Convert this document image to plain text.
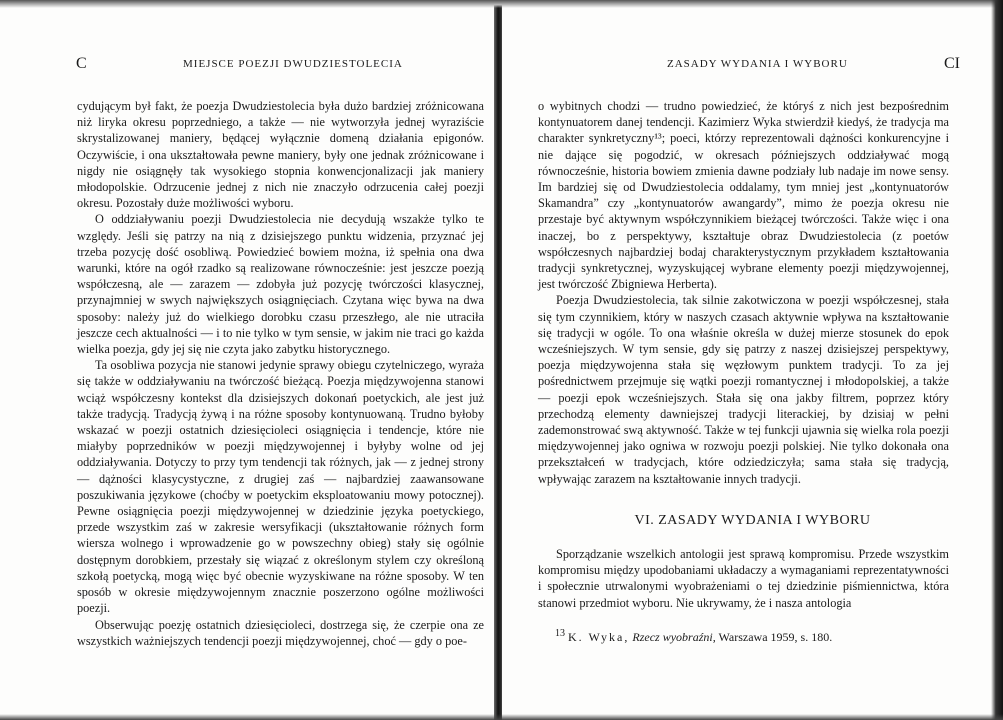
C	MIEJSCE POEZJI DWUDZIESTOLECIA

cydującym był fakt, że poezja Dwudziestolecia była dużo bardziej zróżnicowana niż liryka okresu poprzedniego, a także — nie wytworzyła jednej wyraziście skrystalizowanej maniery, będącej wyłącznie domeną działania epigonów. Oczywiście, i ona ukształtowała pewne maniery, były one jednak zróżnicowane i nigdy nie osiągnęły tak wysokiego stopnia konwencjonalizacji jak maniery młodopolskie. Odrzucenie jednej z nich nie znaczyło odrzucenia całej poezji okresu. Pozostały duże możliwości wyboru.

O oddziaływaniu poezji Dwudziestolecia nie decydują wszakże tylko te względy. Jeśli się patrzy na nią z dzisiejszego punktu widzenia, przyznać jej trzeba pozycję dość osobliwą. Powiedzieć bowiem można, iż spełnia ona dwa warunki, które na ogół rzadko są realizowane równocześnie: jest jeszcze poezją współczesną, ale — zarazem — zdobyła już pozycję twórczości klasycznej, przynajmniej w swych największych osiągnięciach. Czytana więc bywa na dwa sposoby: należy już do wielkiego dorobku czasu przeszłego, ale nie utraciła jeszcze cech aktualności — i to nie tylko w tym sensie, w jakim nie traci go każda wielka poezja, gdy jej się nie czyta jako zabytku historycznego.

Ta osobliwa pozycja nie stanowi jedynie sprawy obiegu czytelniczego, wyraża się także w oddziaływaniu na twórczość bieżącą. Poezja międzywojenna stanowi wciąż współczesny kontekst dla dzisiejszych dokonań poetyckich, ale jest już także tradycją. Tradycją żywą i na różne sposoby kontynuowaną. Trudno byłoby wskazać w poezji ostatnich dziesięcioleci osiągnięcia i tendencje, które nie miałyby poprzedników w poezji międzywojennej i byłyby wolne od jej oddziaływania. Dotyczy to przy tym tendencji tak różnych, jak — z jednej strony — dążności klasycystyczne, z drugiej zaś — najbardziej zaawansowane poszukiwania językowe (choćby w poetyckim eksploatowaniu mowy potocznej). Pewne osiągnięcia poezji międzywojennej w dziedzinie języka poetyckiego, przede wszystkim zaś w zakresie wersyfikacji (ukształtowanie różnych form wiersza wolnego i wprowadzenie go w powszechny obieg) stały się ogólnie dostępnym dorobkiem, przestały się wiązać z określonym stylem czy określoną szkołą poetycką, mogą więc być obecnie wyzyskiwane na różne sposoby. W ten sposób w okresie międzywojennym znacznie poszerzono ogólne możliwości poezji.

Obserwując poezję ostatnich dziesięcioleci, dostrzega się, że czerpie ona ze wszystkich ważniejszych tendencji poezji międzywojennej, choć — gdy o poe-

ZASADY WYDANIA I WYBORU	CI

o wybitnych chodzi — trudno powiedzieć, że któryś z nich jest bezpośrednim kontynuatorem danej tendencji. Kazimierz Wyka stwierdził kiedyś, że tradycja ma charakter synkretyczny¹³; poeci, którzy reprezentowali dążności konkurencyjne i nie dające się pogodzić, w okresach późniejszych oddziaływać mogą równocześnie, historia bowiem zmienia dawne podziały lub nadaje im nowe sensy. Im bardziej się od Dwudziestolecia oddalamy, tym mniej jest „kontynuatorów Skamandra” czy „kontynuatorów awangardy”, mimo że poezja okresu nie przestaje być aktywnym współczynnikiem bieżącej twórczości. Także więc i ona inaczej, bo z perspektywy, kształtuje obraz Dwudziestolecia (z poetów współczesnych najbardziej bodaj charakterystycznym przykładem kształtowania tradycji synkretycznej, wyzyskującej wybrane elementy poezji międzywojennej, jest twórczość Zbigniewa Herberta).

Poezja Dwudziestolecia, tak silnie zakotwiczona w poezji współczesnej, stała się tym czynnikiem, który w naszych czasach aktywnie wpływa na kształtowanie się tradycji w ogóle. To ona właśnie określa w dużej mierze stosunek do epok wcześniejszych. W tym sensie, gdy się patrzy z naszej dzisiejszej perspektywy, poezja międzywojenna stała się węzłowym punktem tradycji. To za jej pośrednictwem przejmuje się wątki poezji romantycznej i młodopolskiej, a także — poezji epok wcześniejszych. Stała się ona jakby filtrem, poprzez który przechodzą elementy dawniejszej tradycji literackiej, by dzisiaj w pełni zademonstrować swą aktywność. Także w tej funkcji ujawnia się wielka rola poezji międzywojennej jako ogniwa w rozwoju poezji polskiej. Nie tylko dokonała ona przekształceń w tradycjach, które odziedziczyła; sama stała się tradycją, wpływając zarazem na kształtowanie innych tradycji.

VI. ZASADY WYDANIA I WYBORU

Sporządzanie wszelkich antologii jest sprawą kompromisu. Przede wszystkim kompromisu między upodobaniami układaczy a wymaganiami reprezentatywności i społecznie utrwalonymi wyobrażeniami o tej dziedzinie piśmiennictwa, która stanowi przedmiot wyboru. Nie ukrywamy, że i nasza antologia

$^{13}$ K. Wyka, Rzecz wyobraźni, Warszawa 1959, s. 180.
